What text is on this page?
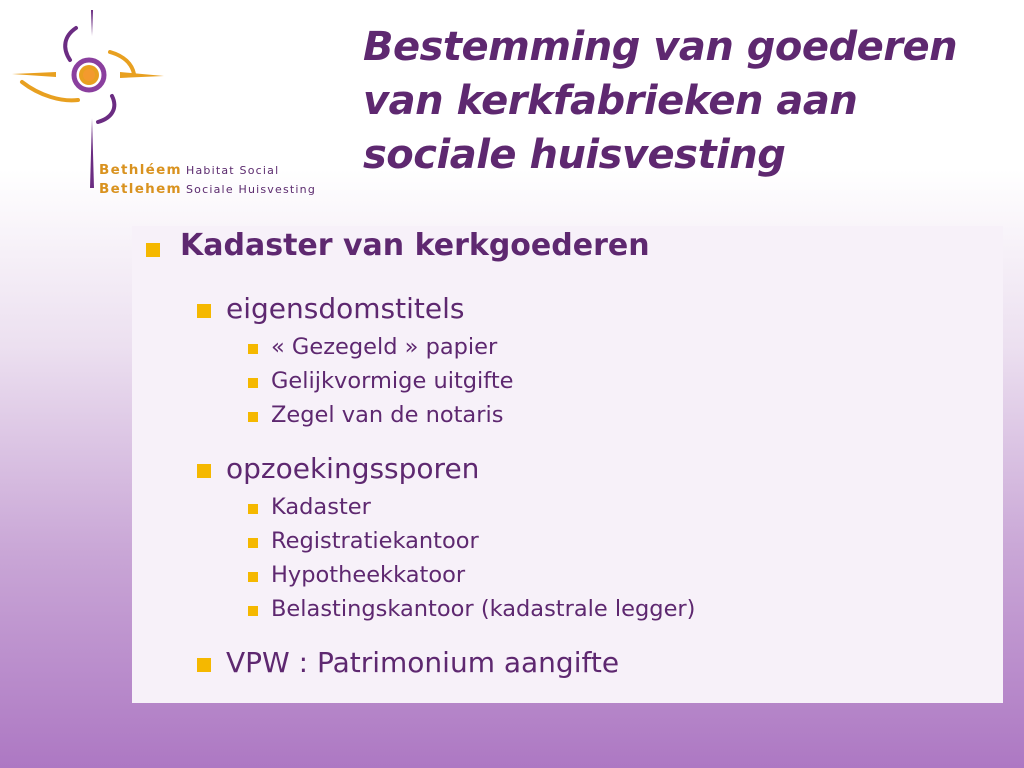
Bethléem Habitat Social
Betlehem Sociale Huisvesting
Bestemming van goederen
van kerkfabrieken aan
sociale huisvesting
Kadaster van kerkgoederen
eigensdomstitels
« Gezegeld » papier
Gelijkvormige uitgifte
Zegel van de notaris
opzoekingssporen
Kadaster
Registratiekantoor
Hypotheekkatoor
Belastingskantoor (kadastrale legger)
VPW : Patrimonium aangifte
